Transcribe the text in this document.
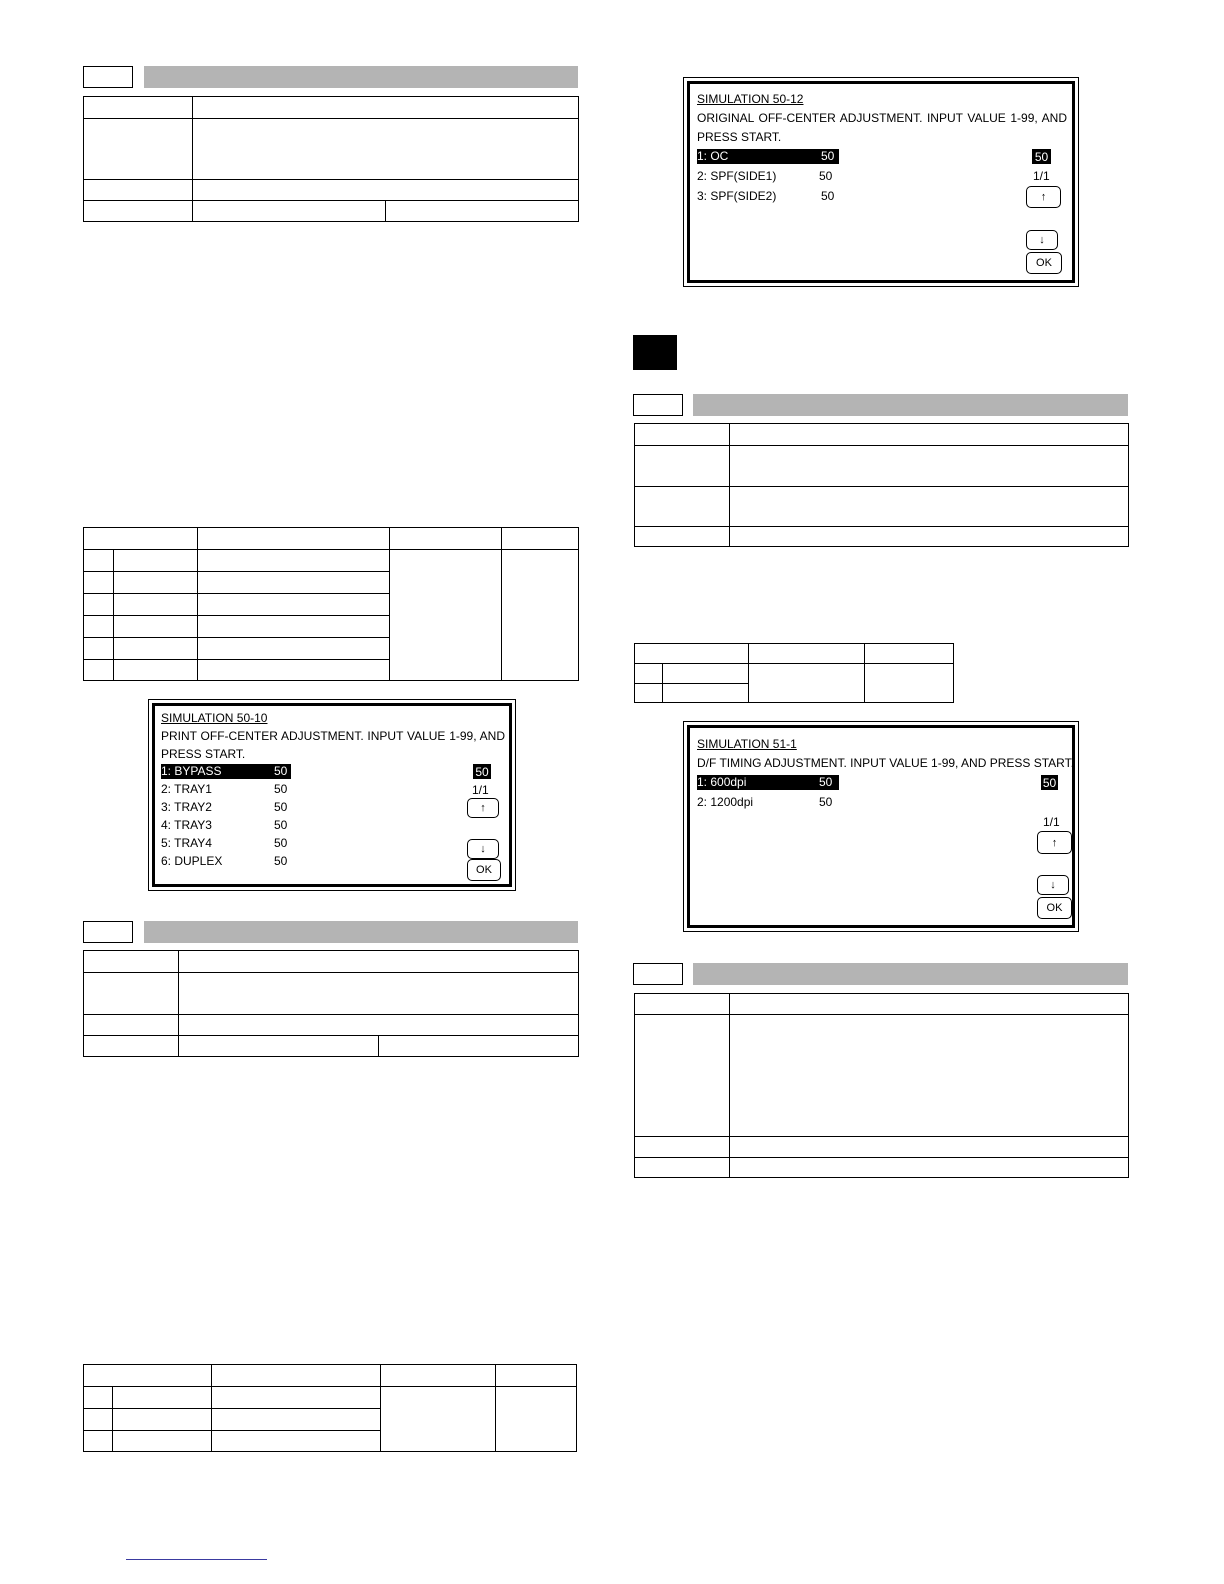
SIMULATION 50-10
PRINT OFF-CENTER ADJUSTMENT. INPUT VALUE 1-99, AND
PRESS START.
1: BYPASS	50
2: TRAY1	50
3: TRAY2	50
4: TRAY3	50
5: TRAY4	50
6: DUPLEX	50
50
1/1
↑
↓
OK

SIMULATION 50-12
ORIGINAL OFF-CENTER ADJUSTMENT. INPUT VALUE 1-99, AND
PRESS START.
1: OC	50
2: SPF(SIDE1)	50
3: SPF(SIDE2)	50
50
1/1
↑
↓
OK

SIMULATION 51-1
D/F TIMING ADJUSTMENT. INPUT VALUE 1-99, AND PRESS START.
1: 600dpi	50
2: 1200dpi	50
50
1/1
↑
↓
OK
